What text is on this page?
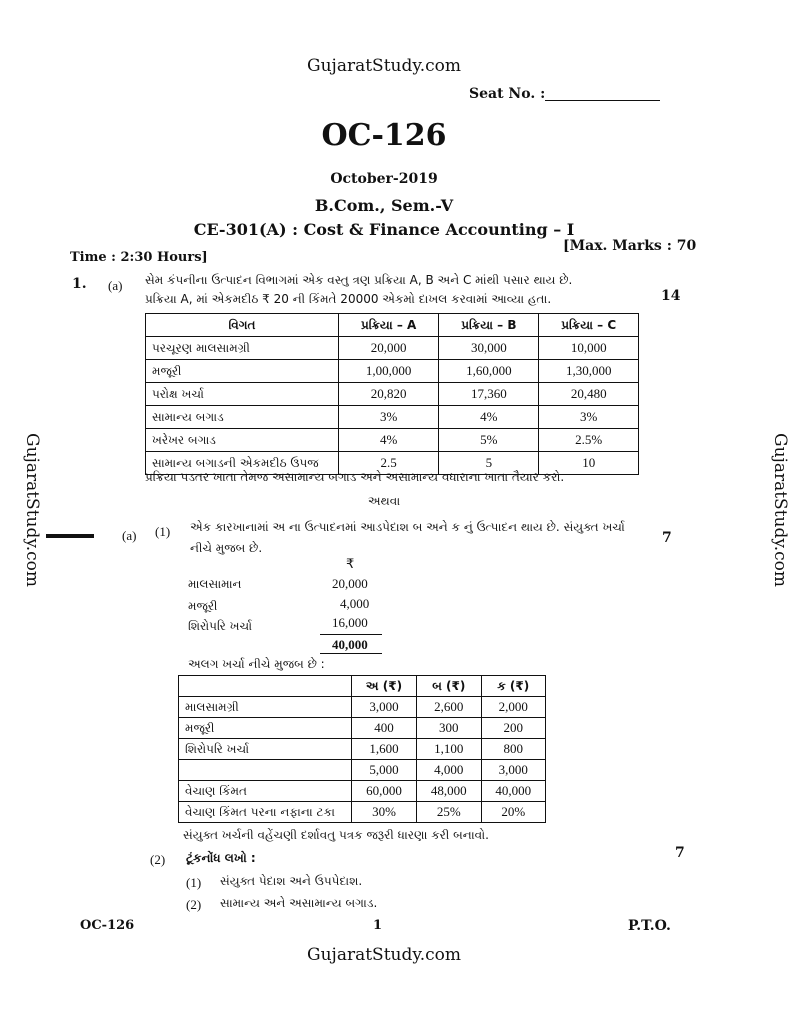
GujaratStudy.com
GujaratStudy.com	GujaratStudy.com
Seat No. :
OC-126
October-2019
B.Com., Sem.-V
CE-301(A) : Cost & Finance Accounting – I
Time : 2:30 Hours]
[Max. Marks : 70
1. (a) સેમ કંપનીના ઉત્પાદન વિભાગમાં એક વસ્તુ ત્રણ પ્રક્રિયા A, B અને C માંથી પસાર થાય છે.
પ્રક્રિયા A, માં એકમદીઠ ₹ 20 ની કિંમતે 20000 એકમો દાખલ કરવામાં આવ્યા હતા.	14
વિગત	પ્રક્રિયા – A	પ્રક્રિયા – B	પ્રક્રિયા – C
પરચૂરણ માલસામગ્રી	20,000	30,000	10,000
મજૂરી	1,00,000	1,60,000	1,30,000
પરોક્ષ ખર્ચા	20,820	17,360	20,480
સામાન્ય બગાડ	3%	4%	3%
ખરેખર બગાડ	4%	5%	2.5%
સામાન્ય બગાડની એકમદીઠ ઉપજ	2.5	5	10
પ્રક્રિયા પડતર ખાતા તેમજ અસામાન્ય બગાડ અને અસામાન્ય વધારાના ખાતા તૈયાર કરો.
અથવા
(a) (1) એક કારખાનામાં અ ના ઉત્પાદનમાં આડપેદાશ બ અને ક નું ઉત્પાદન થાય છે. સંયુક્ત ખર્ચા
નીચે મુજબ છે.
7
₹
માલસામાન	20,000
મજૂરી	4,000
શિરોપરિ ખર્ચા	16,000
40,000
અલગ ખર્ચા નીચે મુજબ છે :
	અ (₹)	બ (₹)	ક (₹)
માલસામગ્રી	3,000	2,600	2,000
મજૂરી	400	300	200
શિરોપરિ ખર્ચા	1,600	1,100	800
	5,000	4,000	3,000
વેચાણ કિંમત	60,000	48,000	40,000
વેચાણ કિંમત પરના નફાના ટકા	30%	25%	20%
સંયુક્ત ખર્ચની વહેંચણી દર્શાવતુ પત્રક જરૂરી ધારણા કરી બનાવો.
(2) ટૂંકનોંધ લખો :	7
(1) સંયુક્ત પેદાશ અને ઉપપેદાશ.
(2) સામાન્ય અને અસામાન્ય બગાડ.
OC-126	1	P.T.O.
GujaratStudy.com
